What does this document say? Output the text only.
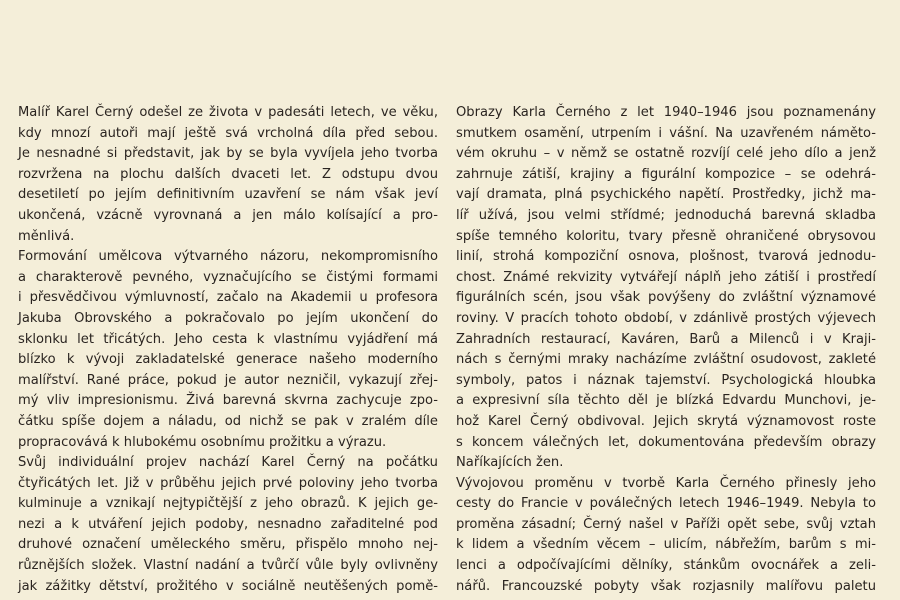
Malíř Karel Černý odešel ze života v padesáti letech, ve věku,
kdy mnozí autoři mají ještě svá vrcholná díla před sebou.
Je nesnadné si představit, jak by se byla vyvíjela jeho tvorba
rozvržena na plochu dalších dvaceti let. Z odstupu dvou
desetiletí po jejím definitivním uzavření se nám však jeví
ukončená, vzácně vyrovnaná a jen málo kolísající a pro-
měnlivá.
Formování umělcova výtvarného názoru, nekompromisního
a charakterově pevného, vyznačujícího se čistými formami
i přesvědčivou výmluvností, začalo na Akademii u profesora
Jakuba Obrovského a pokračovalo po jejím ukončení do
sklonku let třicátých. Jeho cesta k vlastnímu vyjádření má
blízko k vývoji zakladatelské generace našeho moderního
malířství. Rané práce, pokud je autor nezničil, vykazují zřej-
mý vliv impresionismu. Živá barevná skvrna zachycuje zpo-
čátku spíše dojem a náladu, od nichž se pak v zralém díle
propracovává k hlubokému osobnímu prožitku a výrazu.
Svůj individuální projev nachází Karel Černý na počátku
čtyřicátých let. Již v průběhu jejich prvé poloviny jeho tvorba
kulminuje a vznikají nejtypičtější z jeho obrazů. K jejich ge-
nezi a k utváření jejich podoby, nesnadno zařaditelné pod
druhové označení uměleckého směru, přispělo mnoho nej-
různějších složek. Vlastní nadání a tvůrčí vůle byly ovlivněny
jak zážitky dětství, prožitého v sociálně neutěšených pomě-
Obrazy Karla Černého z let 1940–1946 jsou poznamenány
smutkem osamění, utrpením i vášní. Na uzavřeném náměto-
vém okruhu – v němž se ostatně rozvíjí celé jeho dílo a jenž
zahrnuje zátiší, krajiny a figurální kompozice – se odehrá-
vají dramata, plná psychického napětí. Prostředky, jichž ma-
líř užívá, jsou velmi střídmé; jednoduchá barevná skladba
spíše temného koloritu, tvary přesně ohraničené obrysovou
linií, strohá kompoziční osnova, plošnost, tvarová jednodu-
chost. Známé rekvizity vytvářejí náplň jeho zátiší i prostředí
figurálních scén, jsou však povýšeny do zvláštní významové
roviny. V pracích tohoto období, v zdánlivě prostých výjevech
Zahradních restaurací, Kaváren, Barů a Milenců i v Kraji-
nách s černými mraky nacházíme zvláštní osudovost, zakleté
symboly, patos i náznak tajemství. Psychologická hloubka
a expresivní síla těchto děl je blízká Edvardu Munchovi, je-
hož Karel Černý obdivoval. Jejich skrytá významovost roste
s koncem válečných let, dokumentována především obrazy
Naříkajících žen.
Vývojovou proměnu v tvorbě Karla Černého přinesly jeho
cesty do Francie v poválečných letech 1946–1949. Nebyla to
proměna zásadní; Černý našel v Paříži opět sebe, svůj vztah
k lidem a všedním věcem – ulicím, nábřežím, barům s mi-
lenci a odpočívajícími dělníky, stánkům ovocnářek a zeli-
nářů. Francouzské pobyty však rozjasnily malířovu paletu
